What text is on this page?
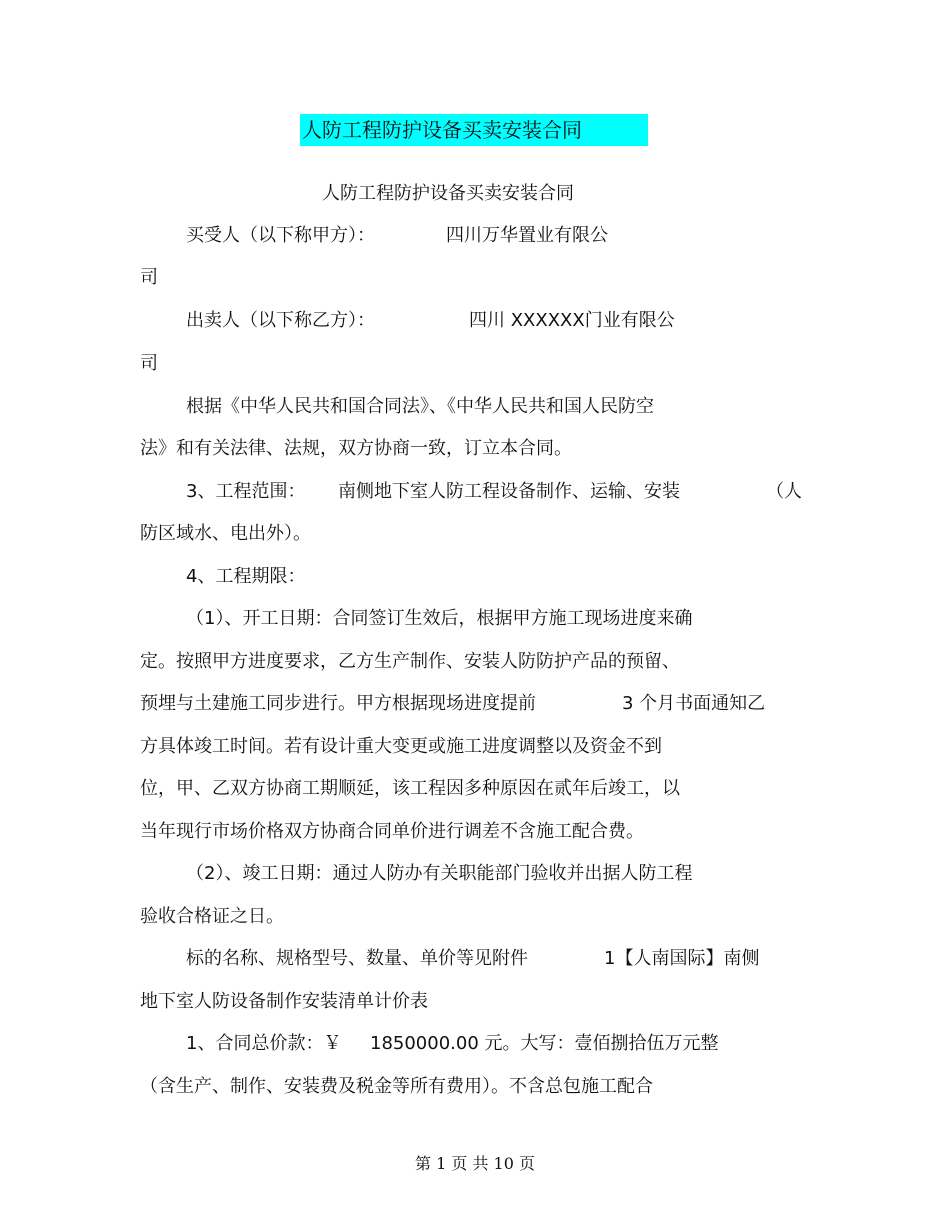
人防工程防护设备买卖安装合同
人防工程防护设备买卖安装合同
买受人（以下称甲方）：	四川万华置业有限公
司
出卖人（以下称乙方）：	四川 XXXXXX门业有限公
司
根据《中华人民共和国合同法》、《中华人民共和国人民防空
法》和有关法律、法规，双方协商一致，订立本合同。
3、工程范围： 南侧地下室人防工程设备制作、运输、安装	（人
防区域水、电出外）。
4、工程期限：
（1）、开工日期：合同签订生效后，根据甲方施工现场进度来确
定。按照甲方进度要求，乙方生产制作、安装人防防护产品的预留、
预埋与土建施工同步进行。甲方根据现场进度提前	3 个月书面通知乙
方具体竣工时间。若有设计重大变更或施工进度调整以及资金不到
位，甲、乙双方协商工期顺延，该工程因多种原因在贰年后竣工，以
当年现行市场价格双方协商合同单价进行调差不含施工配合费。
（2）、竣工日期：通过人防办有关职能部门验收并出据人防工程
验收合格证之日。
标的名称、规格型号、数量、单价等见附件	1【人南国际】南侧
地下室人防设备制作安装清单计价表
1、合同总价款：￥ 1850000.00 元。大写：壹佰捌拾伍万元整
（含生产、制作、安装费及税金等所有费用）。不含总包施工配合
第 1 页 共 10 页
